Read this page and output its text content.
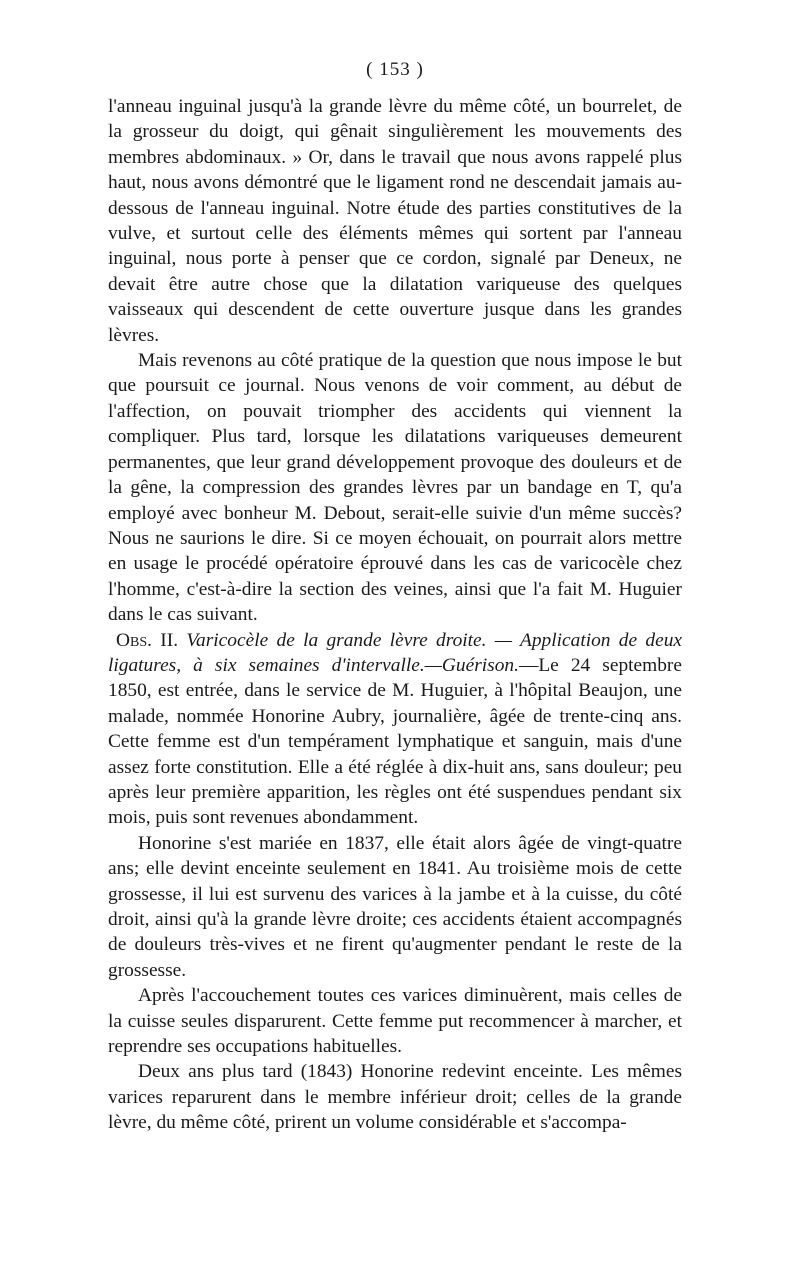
( 153 )

l'anneau inguinal jusqu'à la grande lèvre du même côté, un bourrelet, de la grosseur du doigt, qui gênait singulièrement les mouvements des membres abdominaux. » Or, dans le travail que nous avons rappelé plus haut, nous avons démontré que le ligament rond ne descendait jamais au-dessous de l'anneau inguinal. Notre étude des parties constitutives de la vulve, et surtout celle des éléments mêmes qui sortent par l'anneau inguinal, nous porte à penser que ce cordon, signalé par Deneux, ne devait être autre chose que la dilatation variqueuse des quelques vaisseaux qui descendent de cette ouverture jusque dans les grandes lèvres.

Mais revenons au côté pratique de la question que nous impose le but que poursuit ce journal. Nous venons de voir comment, au début de l'affection, on pouvait triompher des accidents qui viennent la compliquer. Plus tard, lorsque les dilatations variqueuses demeurent permanentes, que leur grand développement provoque des douleurs et de la gêne, la compression des grandes lèvres par un bandage en T, qu'a employé avec bonheur M. Debout, serait-elle suivie d'un même succès? Nous ne saurions le dire. Si ce moyen échouait, on pourrait alors mettre en usage le procédé opératoire éprouvé dans les cas de varicocèle chez l'homme, c'est-à-dire la section des veines, ainsi que l'a fait M. Huguier dans le cas suivant.

Obs. II. Varicocèle de la grande lèvre droite. — Application de deux ligatures, à six semaines d'intervalle.—Guérison.—Le 24 septembre 1850, est entrée, dans le service de M. Huguier, à l'hôpital Beaujon, une malade, nommée Honorine Aubry, journalière, âgée de trente-cinq ans. Cette femme est d'un tempérament lymphatique et sanguin, mais d'une assez forte constitution. Elle a été réglée à dix-huit ans, sans douleur; peu après leur première apparition, les règles ont été suspendues pendant six mois, puis sont revenues abondamment.

Honorine s'est mariée en 1837, elle était alors âgée de vingt-quatre ans; elle devint enceinte seulement en 1841. Au troisième mois de cette grossesse, il lui est survenu des varices à la jambe et à la cuisse, du côté droit, ainsi qu'à la grande lèvre droite; ces accidents étaient accompagnés de douleurs très-vives et ne firent qu'augmenter pendant le reste de la grossesse.

Après l'accouchement toutes ces varices diminuèrent, mais celles de la cuisse seules disparurent. Cette femme put recommencer à marcher, et reprendre ses occupations habituelles.

Deux ans plus tard (1843) Honorine redevint enceinte. Les mêmes varices reparurent dans le membre inférieur droit; celles de la grande lèvre, du même côté, prirent un volume considérable et s'accompa-
